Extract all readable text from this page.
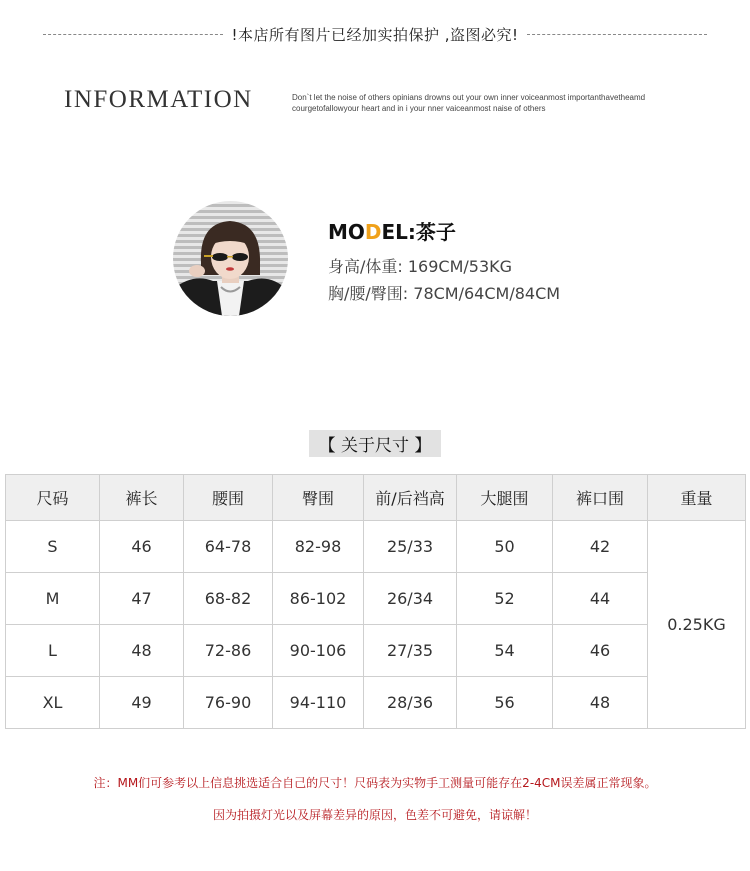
!本店所有图片已经加实拍保护 ,盗图必究!
INFORMATION	Don`t let the noise of others opinians drowns out your own inner voiceanmost importanthavetheamd
courgetofallowyour heart and in i your nner vaiceanmost naise of others
MODEL:茶子
身高/体重: 169CM/53KG
胸/腰/臀围: 78CM/64CM/84CM
【 关于尺寸 】
尺码	裤长	腰围	臀围	前/后裆高	大腿围	裤口围	重量
S	46	64-78	82-98	25/33	50	42	0.25KG
M	47	68-82	86-102	26/34	52	44	
L	48	72-86	90-106	27/35	54	46	
XL	49	76-90	94-110	28/36	56	48	
注：MM们可参考以上信息挑选适合自己的尺寸！尺码表为实物手工测量可能存在2-4CM误差属正常现象。
因为拍摄灯光以及屏幕差异的原因，色差不可避免，请谅解！
